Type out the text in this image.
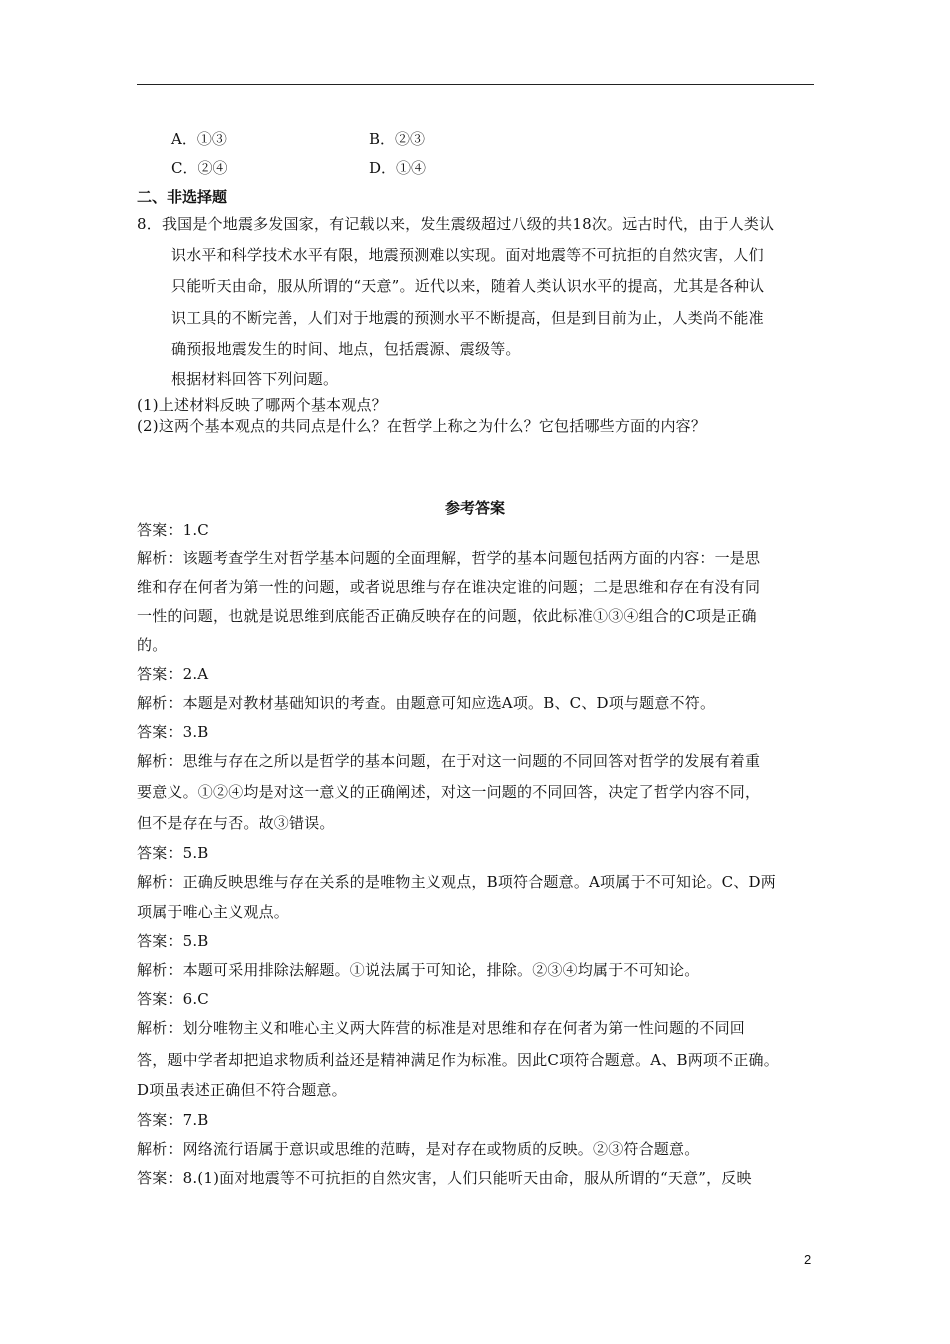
A．①③	B．②③
C．②④	D．①④
二、非选择题
8．我国是个地震多发国家，有记载以来，发生震级超过八级的共18次。远古时代，由于人类认
识水平和科学技术水平有限，地震预测难以实现。面对地震等不可抗拒的自然灾害，人们
只能听天由命，服从所谓的“天意”。近代以来，随着人类认识水平的提高，尤其是各种认
识工具的不断完善，人们对于地震的预测水平不断提高，但是到目前为止，人类尚不能准
确预报地震发生的时间、地点，包括震源、震级等。
根据材料回答下列问题。
(1)上述材料反映了哪两个基本观点？
(2)这两个基本观点的共同点是什么？在哲学上称之为什么？它包括哪些方面的内容？
参考答案
答案：1.C
解析：该题考查学生对哲学基本问题的全面理解，哲学的基本问题包括两方面的内容：一是思
维和存在何者为第一性的问题，或者说思维与存在谁决定谁的问题；二是思维和存在有没有同
一性的问题，也就是说思维到底能否正确反映存在的问题，依此标准①③④组合的C项是正确
的。
答案：2.A
解析：本题是对教材基础知识的考查。由题意可知应选A项。B、C、D项与题意不符。
答案：3.B
解析：思维与存在之所以是哲学的基本问题，在于对这一问题的不同回答对哲学的发展有着重
要意义。①②④均是对这一意义的正确阐述，对这一问题的不同回答，决定了哲学内容不同，
但不是存在与否。故③错误。
答案：5.B
解析：正确反映思维与存在关系的是唯物主义观点，B项符合题意。A项属于不可知论。C、D两
项属于唯心主义观点。
答案：5.B
解析：本题可采用排除法解题。①说法属于可知论，排除。②③④均属于不可知论。
答案：6.C
解析：划分唯物主义和唯心主义两大阵营的标准是对思维和存在何者为第一性问题的不同回
答，题中学者却把追求物质利益还是精神满足作为标准。因此C项符合题意。A、B两项不正确。
D项虽表述正确但不符合题意。
答案：7.B
解析：网络流行语属于意识或思维的范畴，是对存在或物质的反映。②③符合题意。
答案：8.(1)面对地震等不可抗拒的自然灾害，人们只能听天由命，服从所谓的“天意”，反映
2
